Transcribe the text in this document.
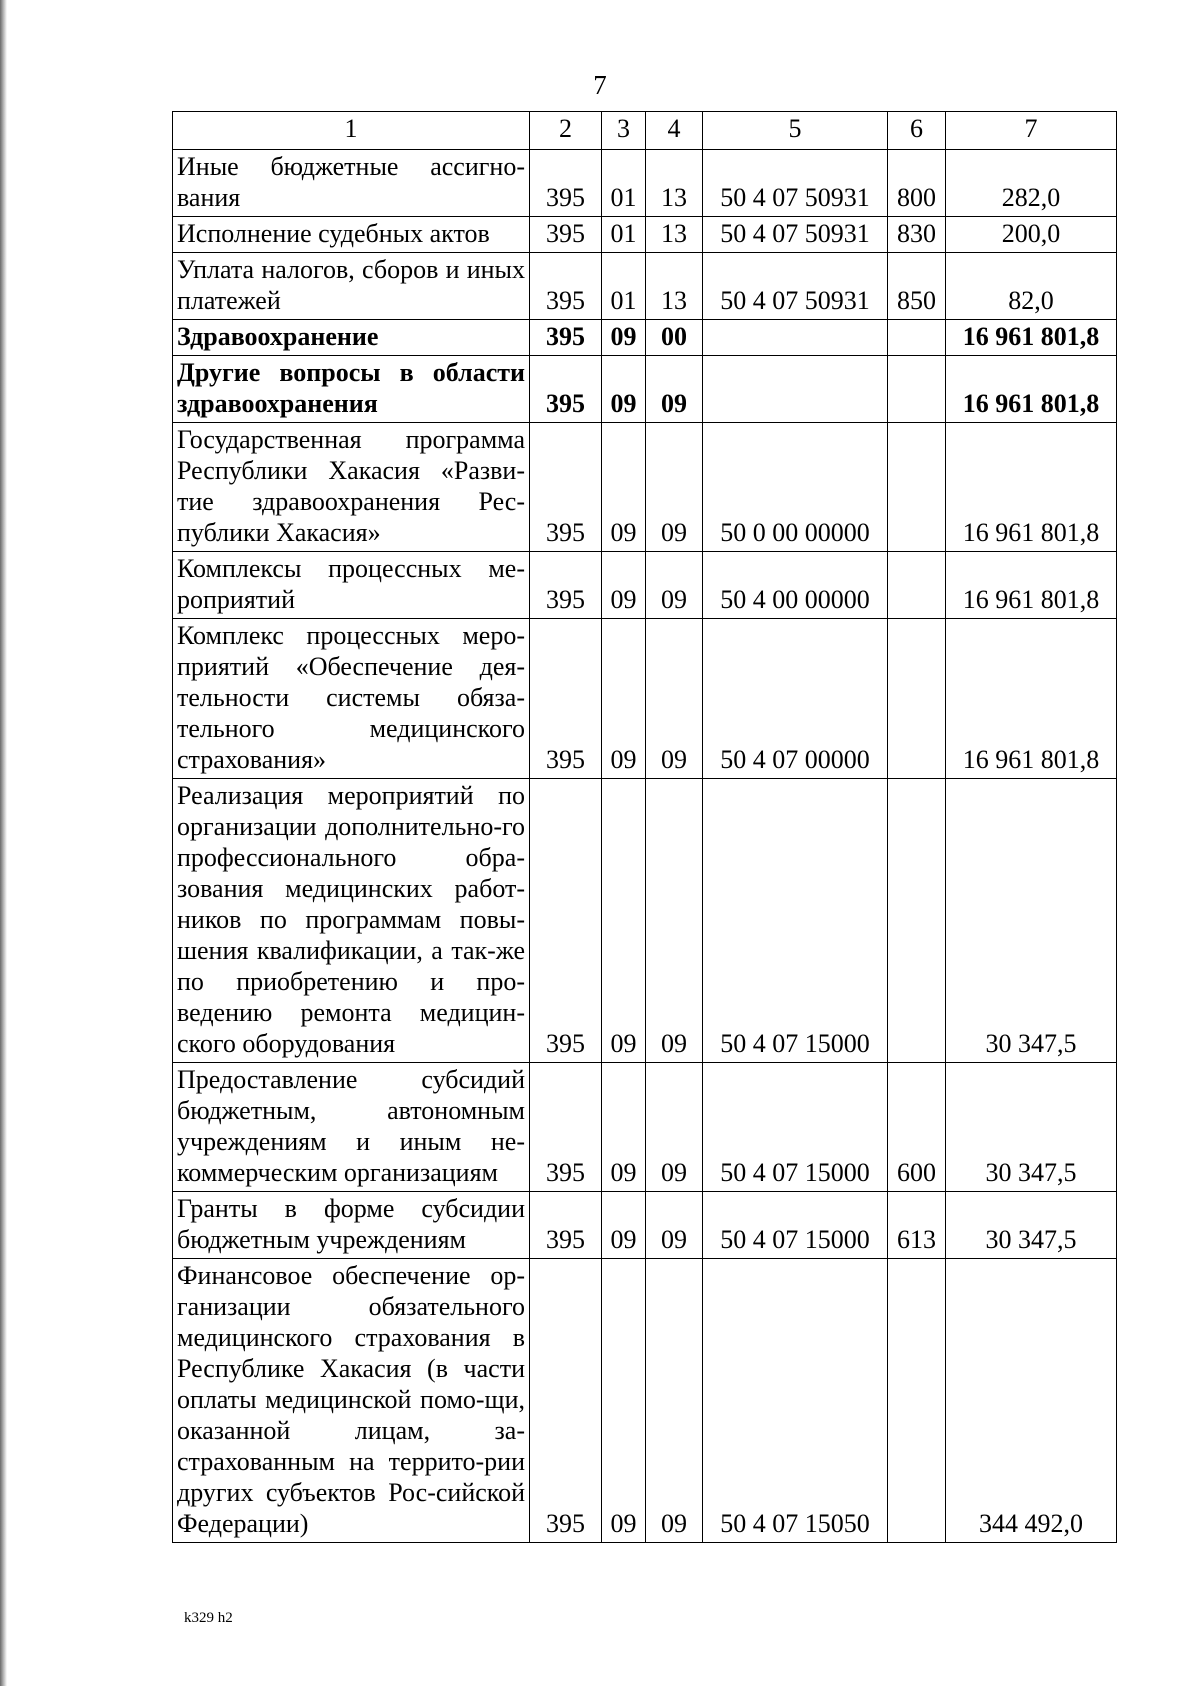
7
1	2	3	4	5	6	7
Иные бюджетные ассигно-вания	395	01	13	50 4 07 50931	800	282,0
Исполнение судебных актов	395	01	13	50 4 07 50931	830	200,0
Уплата налогов, сборов и иных платежей	395	01	13	50 4 07 50931	850	82,0
Здравоохранение	395	09	00			16 961 801,8
Другие вопросы в области здравоохранения	395	09	09			16 961 801,8
Государственная программа Республики Хакасия «Разви-тие здравоохранения Рес-публики Хакасия»	395	09	09	50 0 00 00000		16 961 801,8
Комплексы процессных ме-роприятий	395	09	09	50 4 00 00000		16 961 801,8
Комплекс процессных меро-приятий «Обеспечение дея-тельности системы обяза-тельного медицинского страхования»	395	09	09	50 4 07 00000		16 961 801,8
Реализация мероприятий по организации дополнительно-го профессионального обра-зования медицинских работ-ников по программам повы-шения квалификации, а так-же по приобретению и про-ведению ремонта медицин-ского оборудования	395	09	09	50 4 07 15000		30 347,5
Предоставление субсидий бюджетным, автономным учреждениям и иным не-коммерческим организациям	395	09	09	50 4 07 15000	600	30 347,5
Гранты в форме субсидии бюджетным учреждениям	395	09	09	50 4 07 15000	613	30 347,5
Финансовое обеспечение ор-ганизации обязательного медицинского страхования в Республике Хакасия (в части оплаты медицинской помо-щи, оказанной лицам, за-страхованным на террито-рии других субъектов Рос-сийской Федерации)	395	09	09	50 4 07 15050		344 492,0
k329 h2
